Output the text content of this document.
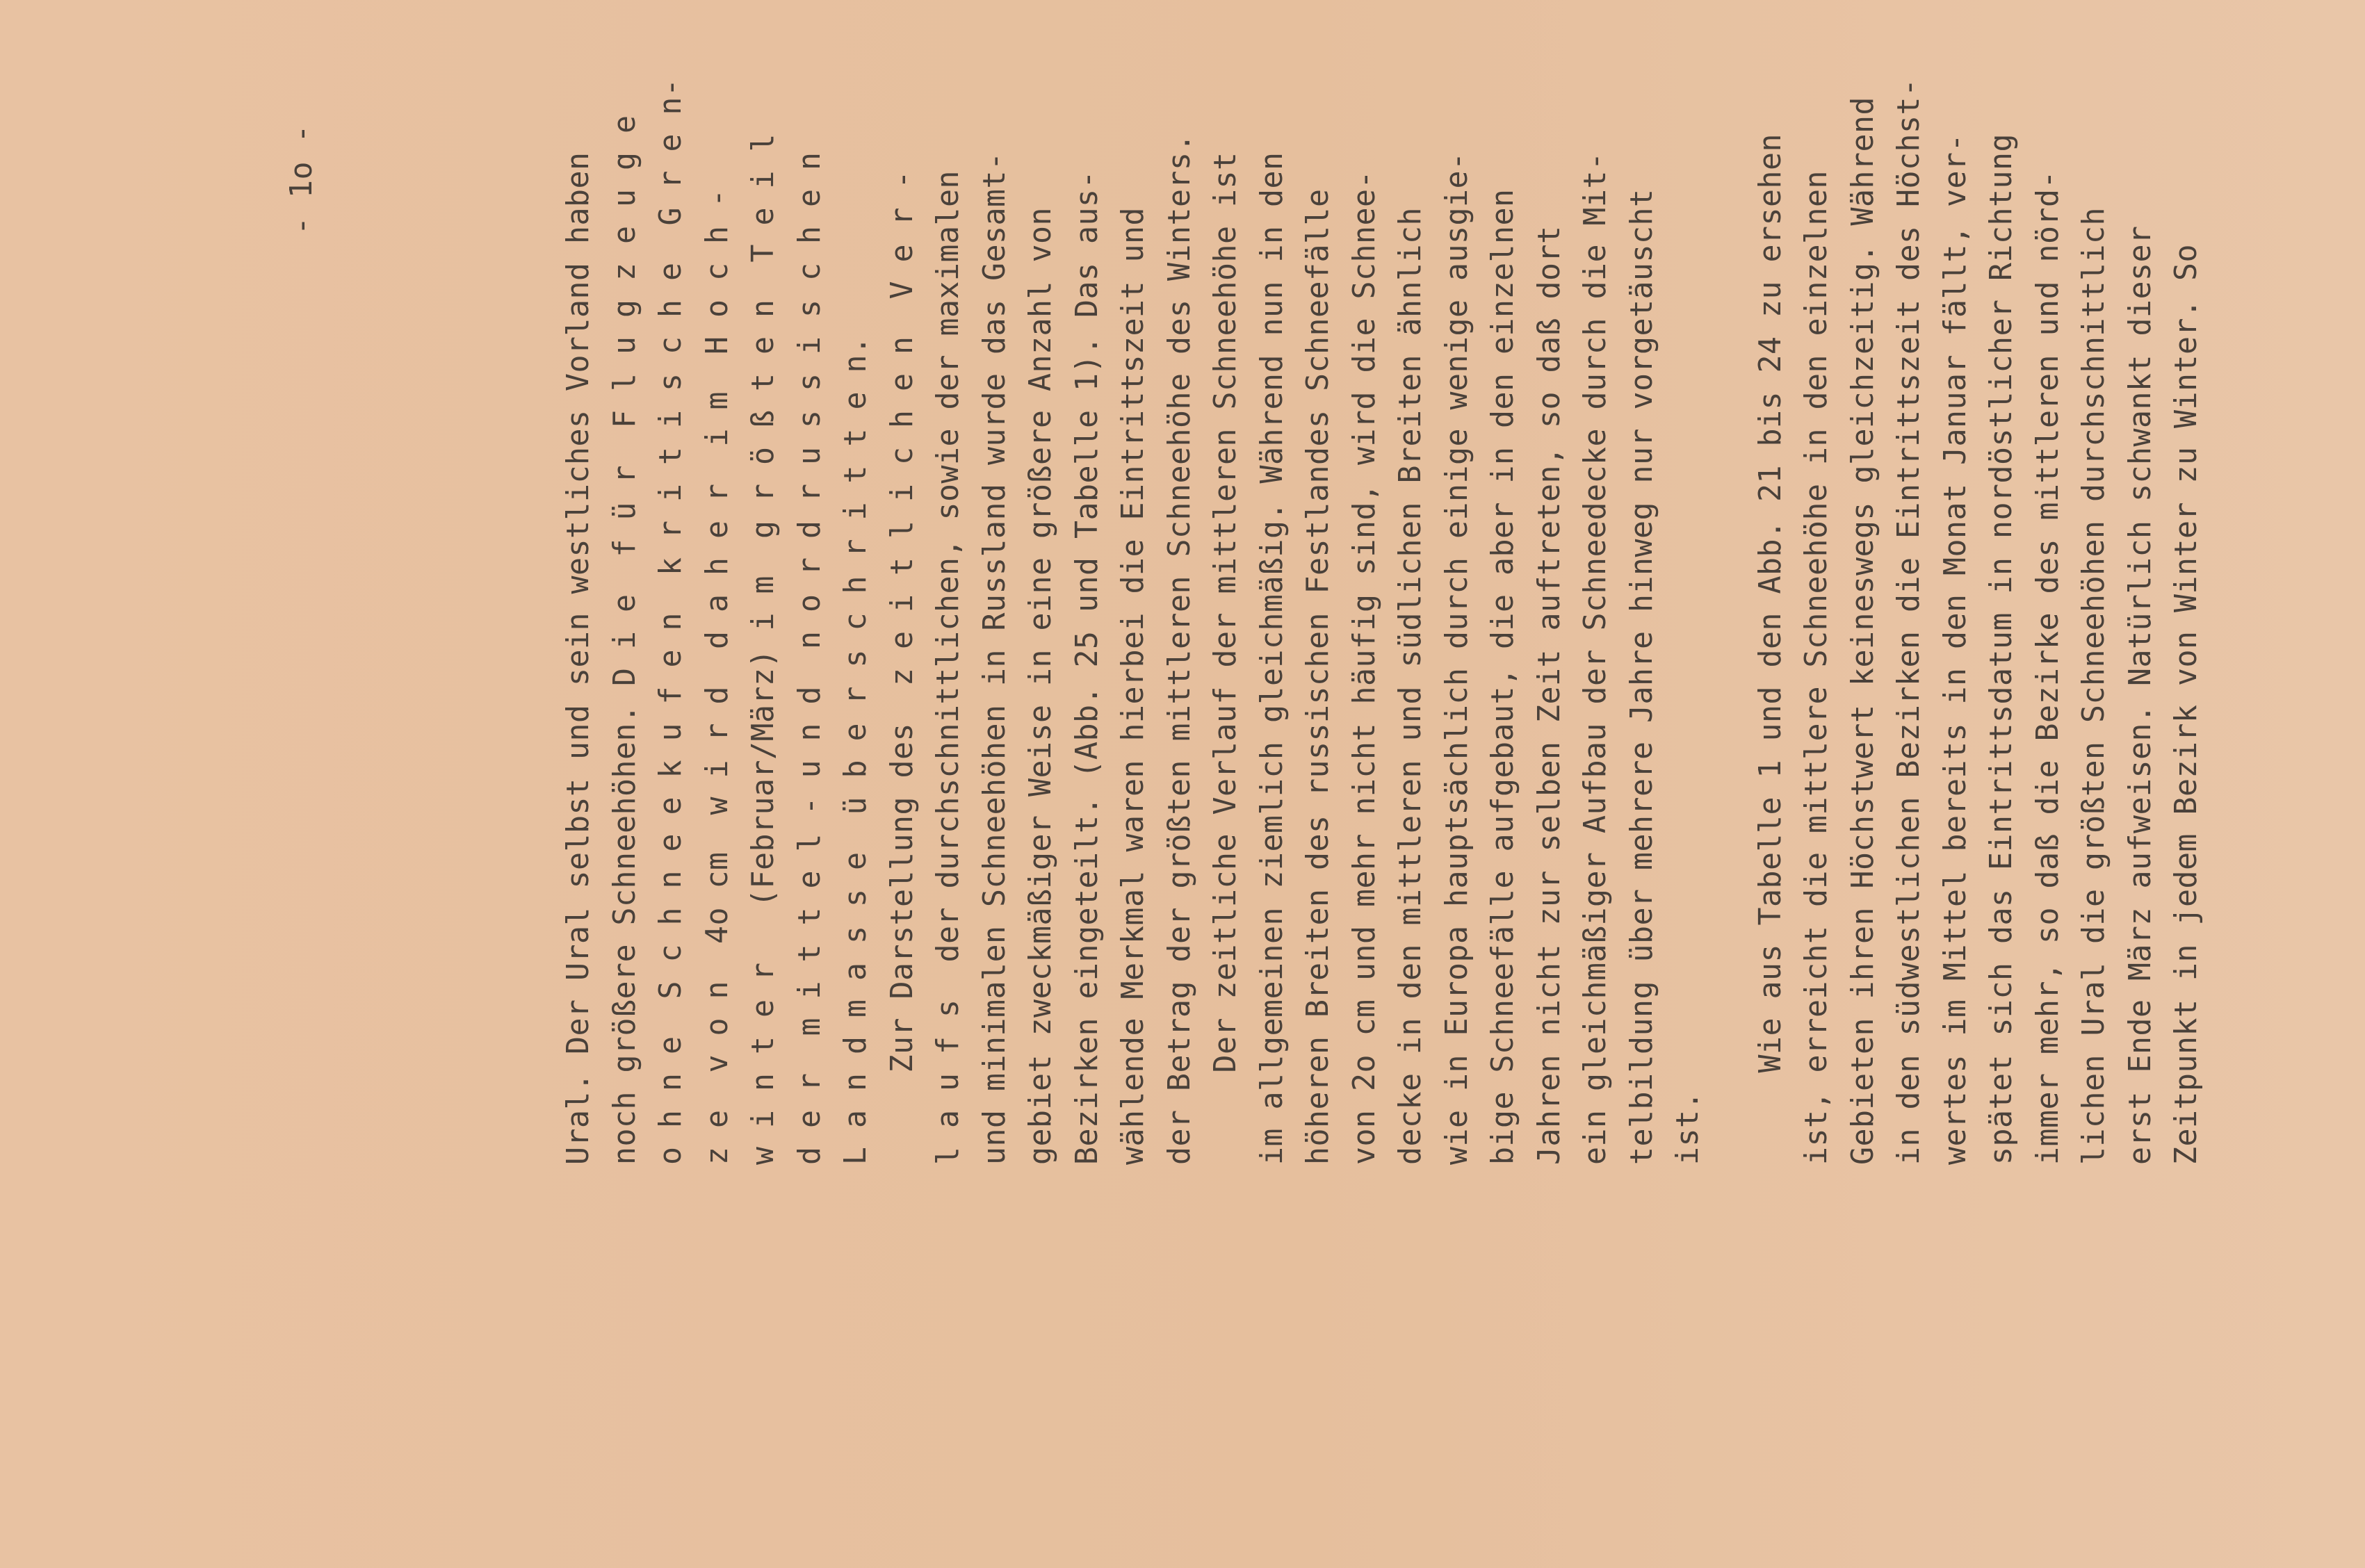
- 1o -	Ural. Der Ural selbst und sein westliches Vorland haben noch größere Schneehöhen. D i e  f ü r  F l u g z e u g e o h n e  S c h n e e k u f e n  k r i t i s c h e  G r e n- z e  v o n  4o cm  w i r d  d a h e r  i m  H o c h - w i n t e r   (Februar/März) i m  g r ö ß t e n  T e i l d e r  m i t t e l - u n d  n o r d r u s s i s c h e n L a n d m a s s e  ü b e r s c h r i t t e n. Zur Darstellung des  z e i t l i c h e n  V e r - l a u f s  der durchschnittlichen, sowie der maximalen und minimalen Schneehöhen in Russland wurde das Gesamt- gebiet zweckmäßiger Weise in eine größere Anzahl von Bezirken eingeteilt. (Abb. 25 und Tabelle 1). Das aus- wählende Merkmal waren hierbei die Eintrittszeit und der Betrag der größten mittleren Schneehöhe des Winters. Der zeitliche Verlauf der mittleren Schneehöhe ist im allgemeinen ziemlich gleichmäßig. Während nun in den höheren Breiten des russischen Festlandes Schneefälle von 2o cm und mehr nicht häufig sind, wird die Schnee- decke in den mittleren und südlichen Breiten ähnlich wie in Europa hauptsächlich durch einige wenige ausgie- bige Schneefälle aufgebaut, die aber in den einzelnen Jahren nicht zur selben Zeit auftreten, so daß dort ein gleichmäßiger Aufbau der Schneedecke durch die Mit- telbildung über mehrere Jahre hinweg nur vorgetäuscht ist. Wie aus Tabelle 1 und den Abb. 21 bis 24 zu ersehen ist, erreicht die mittlere Schneehöhe in den einzelnen Gebieten ihren Höchstwert keineswegs gleichzeitig. Während in den südwestlichen Bezirken die Eintrittszeit des Höchst- wertes im Mittel bereits in den Monat Januar fällt, ver- spätet sich das Eintrittsdatum in nordöstlicher Richtung immer mehr, so daß die Bezirke des mittleren und nörd- lichen Ural die größten Schneehöhen durchschnittlich erst Ende März aufweisen. Natürlich schwankt dieser Zeitpunkt in jedem Bezirk von Winter zu Winter. So
